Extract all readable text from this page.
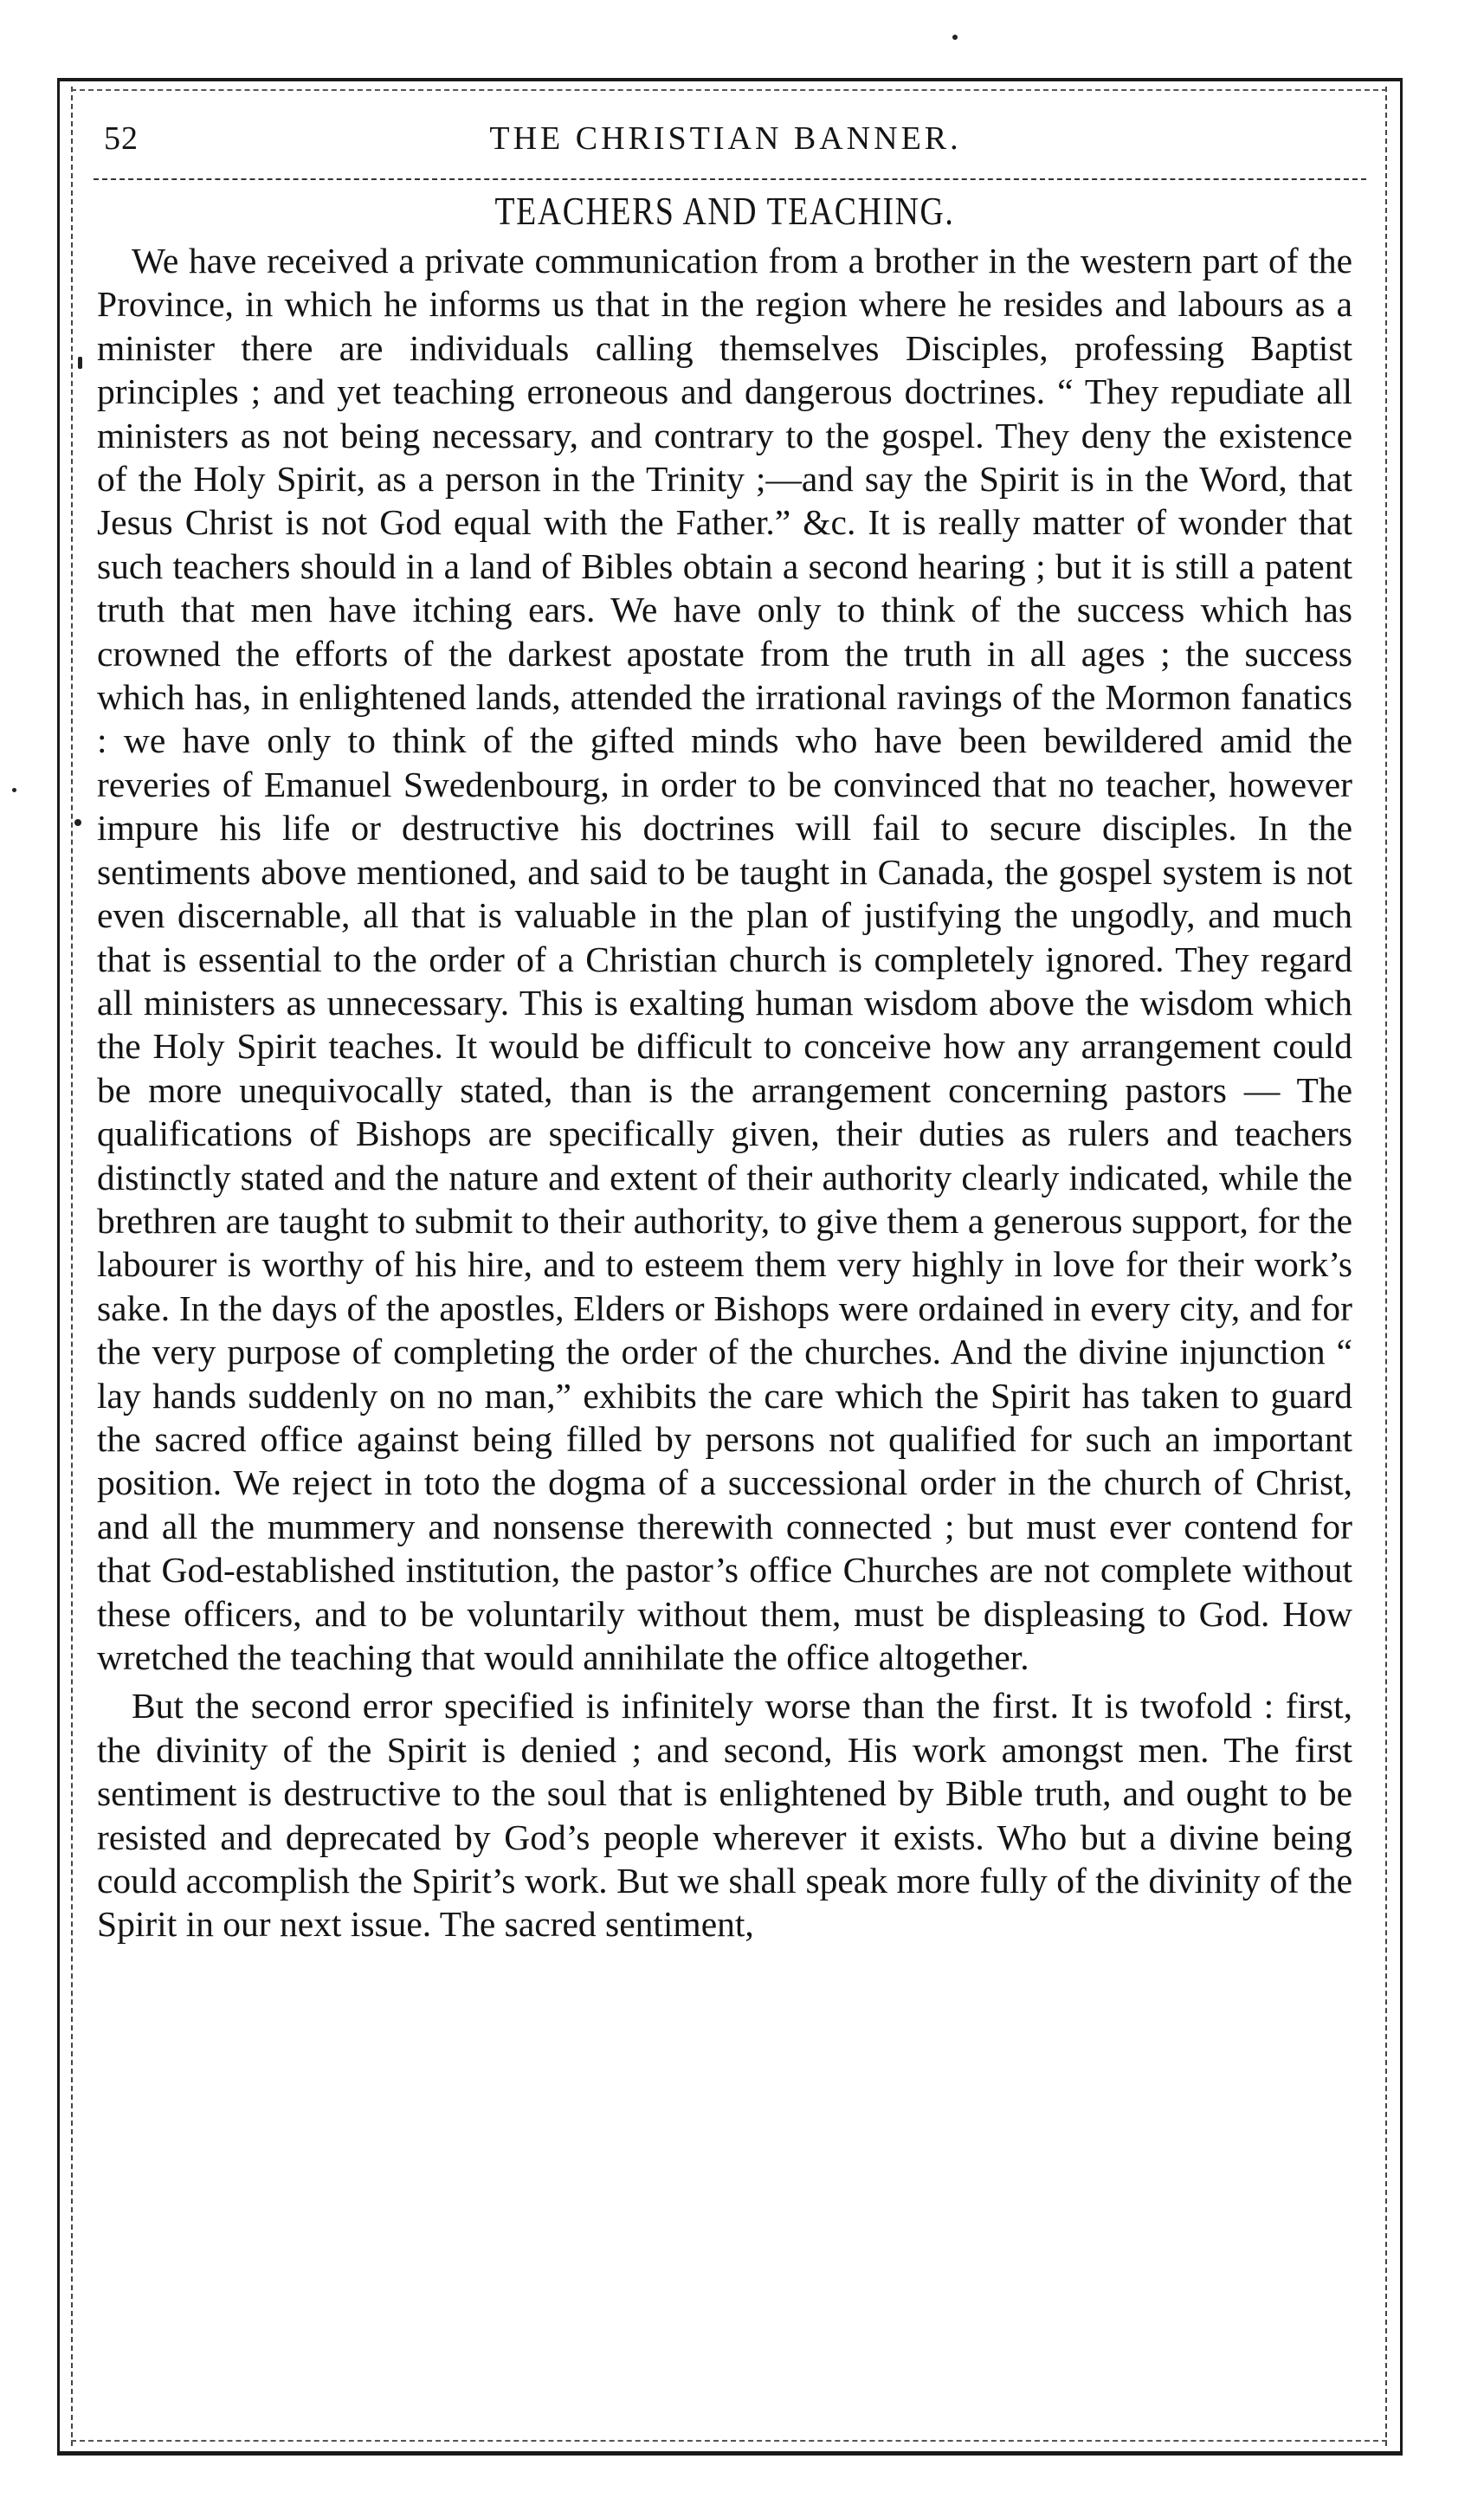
52	THE CHRISTIAN BANNER.
TEACHERS AND TEACHING.

We have received a private communication from a brother in the western part of the Province, in which he informs us that in the region where he resides and labours as a minister there are individuals calling themselves Disciples, professing Baptist principles ; and yet teaching erroneous and dangerous doctrines. “ They repudiate all ministers as not being necessary, and contrary to the gospel. They deny the existence of the Holy Spirit, as a person in the Trinity ;—and say the Spirit is in the Word, that Jesus Christ is not God equal with the Father.” &c. It is really matter of wonder that such teachers should in a land of Bibles obtain a second hearing ; but it is still a patent truth that men have itching ears. We have only to think of the success which has crowned the efforts of the darkest apostate from the truth in all ages ; the success which has, in enlightened lands, attended the irrational ravings of the Mormon fanatics : we have only to think of the gifted minds who have been bewildered amid the reveries of Emanuel Swedenbourg, in order to be convinced that no teacher, however impure his life or destructive his doctrines will fail to secure disciples. In the sentiments above mentioned, and said to be taught in Canada, the gospel system is not even discernable, all that is valuable in the plan of justifying the ungodly, and much that is essential to the order of a Christian church is completely ignored. They regard all ministers as unnecessary. This is exalting human wisdom above the wisdom which the Holy Spirit teaches. It would be difficult to conceive how any arrangement could be more unequivocally stated, than is the arrangement concerning pastors — The qualifications of Bishops are specifically given, their duties as rulers and teachers distinctly stated and the nature and extent of their authority clearly indicated, while the brethren are taught to submit to their authority, to give them a generous support, for the labourer is worthy of his hire, and to esteem them very highly in love for their work’s sake. In the days of the apostles, Elders or Bishops were ordained in every city, and for the very purpose of completing the order of the churches. And the divine injunction “ lay hands suddenly on no man,” exhibits the care which the Spirit has taken to guard the sacred office against being filled by persons not qualified for such an important position. We reject in toto the dogma of a successional order in the church of Christ, and all the mummery and nonsense therewith connected ; but must ever contend for that God-established institution, the pastor’s office Churches are not complete without these officers, and to be voluntarily without them, must be displeasing to God. How wretched the teaching that would annihilate the office altogether.

But the second error specified is infinitely worse than the first. It is twofold : first, the divinity of the Spirit is denied ; and second, His work amongst men. The first sentiment is destructive to the soul that is enlightened by Bible truth, and ought to be resisted and deprecated by God’s people wherever it exists. Who but a divine being could accomplish the Spirit’s work. But we shall speak more fully of the divinity of the Spirit in our next issue. The sacred sentiment,
